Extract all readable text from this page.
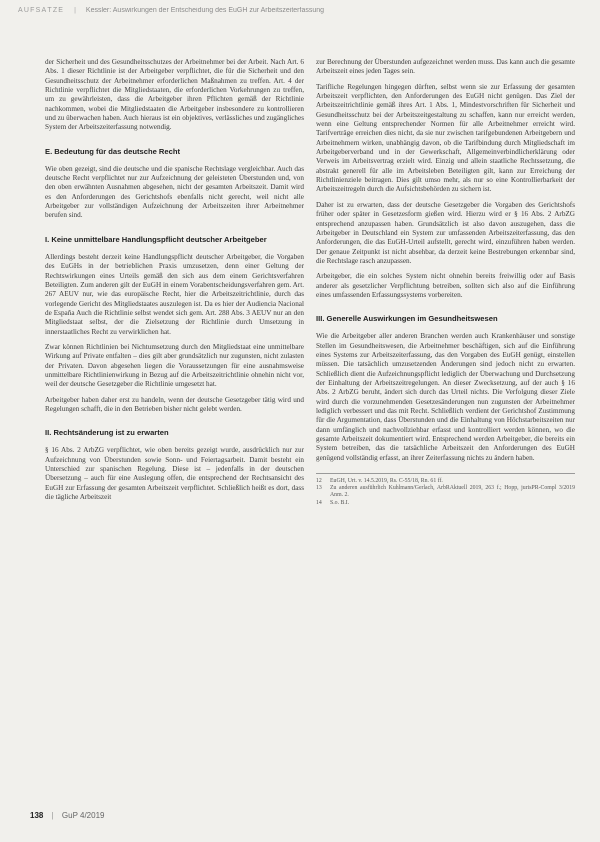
AUFSÄTZE | Kessler: Auswirkungen der Entscheidung des EuGH zur Arbeitszeiterfassung

der Sicherheit und des Gesundheitsschutzes der Arbeitnehmer bei der Arbeit. Nach Art. 6 Abs. 1 dieser Richtlinie ist der Arbeitgeber verpflichtet, die für die Sicherheit und den Gesundheitsschutz der Arbeitnehmer erforderlichen Maßnahmen zu treffen. Art. 4 der Richtlinie verpflichtet die Mitgliedstaaten, die erforderlichen Vorkehrungen zu treffen, um zu gewährleisten, dass die Arbeitgeber ihren Pflichten gemäß der Richtlinie nachkommen, wobei die Mitgliedstaaten die Arbeitgeber insbesondere zu kontrollieren und zu überwachen haben. Auch hieraus ist ein objektives, verlässliches und zugängliches System der Arbeitszeiterfassung notwendig.

E. Bedeutung für das deutsche Recht

Wie oben gezeigt, sind die deutsche und die spanische Rechtslage vergleichbar. Auch das deutsche Recht verpflichtet nur zur Aufzeichnung der geleisteten Überstunden und, von den oben erwähnten Ausnahmen abgesehen, nicht der gesamten Arbeitszeit. Damit wird es den Anforderungen des Gerichtshofs ebenfalls nicht gerecht, weil nicht alle Arbeitgeber zur vollständigen Aufzeichnung der Arbeitszeiten ihrer Arbeitnehmer berufen sind.

I. Keine unmittelbare Handlungspflicht deutscher Arbeitgeber

Allerdings besteht derzeit keine Handlungspflicht deutscher Arbeitgeber, die Vorgaben des EuGHs in der betrieblichen Praxis umzusetzen, denn einer Geltung der Rechtswirkungen eines Urteils gemäß den sich aus dem einem Gerichtsverfahren Beteiligten. Zum anderen gilt der EuGH in einem Vorabentscheidungsverfahren gem. Art. 267 AEUV nur, wie das europäische Recht, hier die Arbeitszeitrichtlinie, durch das vorlegende Gericht des Mitgliedstaates auszulegen ist. Da es hier der Audiencia Nacional de España Auch die Richtlinie selbst wendet sich gem. Art. 288 Abs. 3 AEUV nur an den Mitgliedstaat selbst, der die Zielsetzung der Richtlinie durch Umsetzung in innerstaatliches Recht zu verwirklichen hat.

Zwar können Richtlinien bei Nichtumsetzung durch den Mitgliedstaat eine unmittelbare Wirkung auf Private entfalten – dies gilt aber grundsätzlich nur zugunsten, nicht zulasten der Privaten. Davon abgesehen liegen die Voraussetzungen für eine ausnahmsweise unmittelbare Richtlinienwirkung in Bezug auf die Arbeitszeitrichtlinie ohnehin nicht vor, weil der deutsche Gesetzgeber die Richtlinie umgesetzt hat.

Arbeitgeber haben daher erst zu handeln, wenn der deutsche Gesetzgeber tätig wird und Regelungen schafft, die in den Betrieben bisher nicht gelebt werden.

II. Rechtsänderung ist zu erwarten

§ 16 Abs. 2 ArbZG verpflichtet, wie oben bereits gezeigt wurde, ausdrücklich nur zur Aufzeichnung von Überstunden sowie Sonn- und Feiertagsarbeit. Damit besteht ein Unterschied zur spanischen Regelung. Diese ist – jedenfalls in der deutschen Übersetzung – auch für eine Auslegung offen, die entsprechend der Rechtsansicht des EuGH zur Erfassung der gesamten Arbeitszeit verpflichtet. Schließlich heißt es dort, dass die tägliche Arbeitszeit

zur Berechnung der Überstunden aufgezeichnet werden muss. Das kann auch die gesamte Arbeitszeit eines jeden Tages sein.

Tarifliche Regelungen hingegen dürften, selbst wenn sie zur Erfassung der gesamten Arbeitszeit verpflichten, den Anforderungen des EuGH nicht genügen. Das Ziel der Arbeitszeitrichtlinie gemäß ihres Art. 1 Abs. 1, Mindestvorschriften für Sicherheit und Gesundheitsschutz bei der Arbeitszeitgestaltung zu schaffen, kann nur erreicht werden, wenn eine Geltung entsprechender Normen für alle Arbeitnehmer erreicht wird. Tarifverträge erreichen dies nicht, da sie nur zwischen tarifgebundenen Arbeitgebern und Arbeitnehmern wirken, unabhängig davon, ob die Tarifbindung durch Mitgliedschaft im Arbeitgeberverband und in der Gewerkschaft, Allgemeinverbindlicherklärung oder Verweis im Arbeitsvertrag erzielt wird. Einzig und allein staatliche Rechtssetzung, die abstrakt generell für alle im Arbeitsleben Beteiligten gilt, kann zur Erreichung der Richtlinienziele beitragen. Dies gilt umso mehr, als nur so eine Kontrollierbarkeit der Arbeitszeitregeln durch die Aufsichtsbehörden zu sichern ist.

Daher ist zu erwarten, dass der deutsche Gesetzgeber die Vorgaben des Gerichtshofs früher oder später in Gesetzesform gießen wird. Hierzu wird er § 16 Abs. 2 ArbZG entsprechend anzupassen haben. Grundsätzlich ist also davon auszugehen, dass die Arbeitgeber in Deutschland ein System zur umfassenden Arbeitszeiterfassung, das den Anforderungen, die das EuGH-Urteil aufstellt, gerecht wird, einzuführen haben werden. Der genaue Zeitpunkt ist nicht absehbar, da derzeit keine Bestrebungen erkennbar sind, die Rechtslage rasch anzupassen.

Arbeitgeber, die ein solches System nicht ohnehin bereits freiwillig oder auf Basis anderer als gesetzlicher Verpflichtung betreiben, sollten sich also auf die Einführung eines umfassenden Erfassungssystems vorbereiten.

III. Generelle Auswirkungen im Gesundheitswesen

Wie die Arbeitgeber aller anderen Branchen werden auch Krankenhäuser und sonstige Stellen im Gesundheitswesen, die Arbeitnehmer beschäftigen, sich auf die Einführung eines Systems zur Arbeitszeiterfassung, das den Vorgaben des EuGH genügt, einstellen müssen. Die tatsächlich umzusetzenden Änderungen sind jedoch nicht zu erwarten. Schließlich dient die Aufzeichnungspflicht lediglich der Überwachung und Durchsetzung der Einhaltung der Arbeitszeitregelungen. An dieser Zwecksetzung, auf der auch § 16 Abs. 2 ArbZG beruht, ändert sich durch das Urteil nichts. Die Verfolgung dieser Ziele wird durch die vorzunehmenden Gesetzesänderungen nun zugunsten der Arbeitnehmer lediglich verbessert und das mit Recht. Schließlich verdient der Gerichtshof Zustimmung für die Argumentation, dass Überstunden und die Einhaltung von Höchstarbeitszeiten nur dann umfänglich und nachvollziehbar erfasst und kontrolliert werden können, wo die gesamte Arbeitszeit dokumentiert wird. Entsprechend werden Arbeitgeber, die bereits ein System betreiben, das die tatsächliche Arbeitszeit den Anforderungen des EuGH genügend vollständig erfasst, an ihrer Zeiterfassung nichts zu ändern haben.

12	EuGH, Urt. v. 14.5.2019, Rs. C-55/18, Rn. 61 ff.
13	Zu anderen ausführlich Kuhlmann/Gerlach, ArbRAktuell 2019, 263 f.; Hopp, jurisPR-Compl 3/2019 Anm. 2.
14	S.o. B.I.
138 | GuP 4/2019
